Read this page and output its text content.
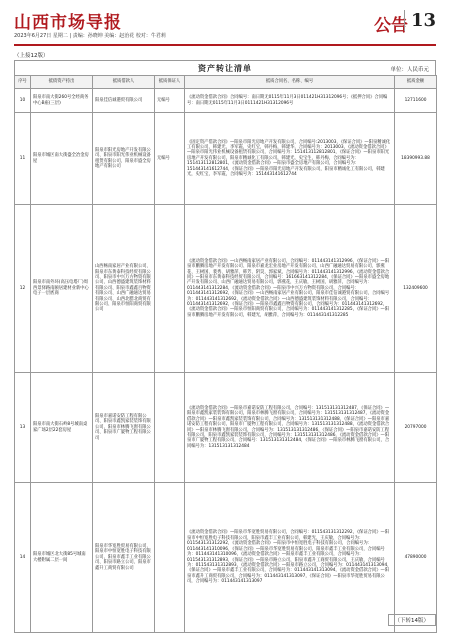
山西市场导报
2023年6月27日 星期二 | 责编：孙晓坤 美编：赵治花 校对：牛君莉	公告 13
（上接12版）
资产转让清单	单位：人民币元
序号	抵债资产持出	抵质借款人	抵质保证人	抵质合同名、名称、编号	抵质金额
10	阳泉市南大街260号全经商务中心B座(三层)	阳泉佳信诚港贸有限公司	无编号	《流动资金借款合同》合同编号：南日期无0115年11月3日011421H31312096号；《抵押合同》合同编号：南日期无0115年11月3日0111421H31312096号	12711600
11	阳泉市城区南大街盛全冶金房屋	阳泉市阳光房地产开发有限公司、阳泉市阳光伟业机械设备租赁有限公司、阳泉市盛全房地产有限公司	无编号	《固定资产借款合同》—阳泉市阳光房地产开发有限公司，合同编号:2013003，《保证合同》—阳泉精诚化工有限公司，韩建光，李军霞，史红宝，韩丹梅，韩建华，合同编号为：2013003，《流动资金借款合同》—阳泉市阳光伟业机械设备租赁有限公司，合同编号为：151413112812801，《保证合同》—阳泉市阳光房地产开发有限公司，阳泉市精诚化工有限公司，韩建光，史宝生，韩丹梅，合同编号为：151413112812801，《流动资金借款合同》—阳泉市盛全房地产有限公司，合同编号为：151443141612744，《保证合同》—阳泉市阳光房地产开发有限公司，阳泉市精诚化工有限公司，韩建光，史红宝，李军霞，合同编号为：151443141612744	18390993.88
12	阳泉市南外环(高压电塔厂)周西景驿路南颐居建材业新中心电子一层底商	山西畅南家居产业有限公司、阳泉市东黄泰科技经贸有限公司、阳泉市中兴万方物资有限公司、山西德盛建筑装饰材料有限公司、阳泉市鑫鑫百物资有限公司、山西广融通达贸易有限公司、山西北腊北商贸有限公司、阳泉市恒阳商贸有限公司		《流动资金借款合同》—山西畅南家居产业有限公司，合同编号：011443141312996，《保证合同》—阳泉市鹏腾房地产开发有限公司、阳泉市嘉龙宏业房地产开发有限公司、山西广融通达贸易有限公司、郭燕花、王树国、裴秀、胡雅萍，韩芳、阴昊，郭家斌，合同编号为：011443141312996，《流动资金借款合同》—阳泉市东黄泰科技经贸有限公司，合同编号：161663141312284，《保证合同》—阳泉市盛全房地产开发有限公司、山西广融通达贸易有限公司，郭燕花，王庆敏，王树国，胡雅萍，合同编号为：011443141312284，《流动资金借款合同》—阳泉市中兴万方物资有限公司，合同编号：011443141312692，《保证合同》—山西畅南家居产业有限公司，阳泉市佳信诚港贸有限公司，合同编号为：011443141312692，《流动资金借款合同》—山西德盛建筑装饰材料有限公司，合同编号：011443141312692，《保证合同》—阳泉市鑫鑫百物资有限公司，合同编号为：011443141312692，《流动资金借款合同》—阳泉市恒阳商贸有限公司，合同编号为：011443141312285，《保证合同》—阳泉市鹏腾房地产开发有限公司，韩建光，胡雅萍，合同编号为：011443141312285	132409600
13	阳泉市南大街石岭8号城南桌家广场2层22套房屋	阳泉市嘉诺安防工程有限公司、阳泉市鑫凯家装装饰有限公司、阳泉市林腾飞窗有限公司、阳泉市广厦物工程有限公司		《流动资金借款合同》—阳泉市嘉诺安防工程有限公司，合同编号：131513131312487，《保证合同》—阳泉市鑫凯家装装饰有限公司，阳泉市林腾飞窗有限公司，合同编号为：131513131312487，《流动资金借款合同》—阳泉市鑫凯家装装饰有限公司，合同编号为：131513131312488，《保证合同》—阳泉市嘉诺安防工程有限公司，阳泉市广厦物工程有限公司，合同编号为：131513131312488，《流动资金借款合同》—阳泉市林腾飞窗有限公司，合同编号为：131513131312486，《保证合同》—阳泉市嘉诺安防工程有限公司，阳泉市鑫凯家装装饰有限公司，合同编号为：131513131312486，《流动资金借款合同》—阳泉市广厦物工程有限公司，合同编号：131513131312484，《保证合同》—阳泉市林腾飞窗有限公司，合同编号为：131513131312484	20797000
14	阳泉市城区北大街85号城南大楼附属二层一间	阳泉市华宽胜贸易有限公司、阳泉市中恒宽胜电子科技有限公司、阳泉市鑫丰工业有限公司、阳泉市路立公司、阳泉市鑫升工商贸有限公司		《流动资金借款合同》—阳泉市华宽胜贸易有限公司，合同编号：011543131312292，《保证合同》—阳泉市中恒宽胜电子科技有限公司，阳泉市鑫丰工业有限公司，韩建光，王庆敏，合同编号为：011543131312292，《流动资金借款合同》—阳泉市中恒宽胜电子科技有限公司，合同编号为：011443141310096，《保证合同》—阳泉市华宽胜贸易有限公司，阳泉市鑫丰工业有限公司，合同编号为：011443141310096，《流动资金借款合同》—阳泉市鑫丰工业有限公司，合同编号为：011543131312893，《保证合同》—阳泉市路立公司，阳泉市鑫升工商贸有限公司，王庆敏，合同编号为：011543131312893，《流动资金借款合同》—阳泉市路立公司，合同编号为：011443141313094，《保证合同》—阳泉市鑫丰工业有限公司，合同编号为：011443141313094，《流动资金借款合同》—阳泉市鑫升工商贸有限公司，合同编号为：011443141313097，《保证合同》—阳泉市华宽胜贸易有限公司，合同编号为：011443141313097	47890000
（下转14版）
